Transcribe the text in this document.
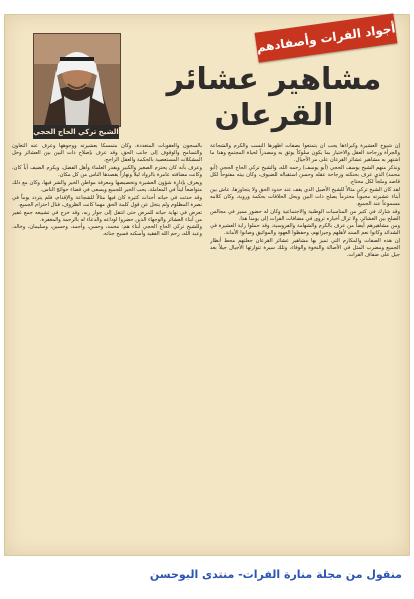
أجواد الفرات وأصفادهم
الشيخ تركي الحاج الحجي
مشاهير عشائر
القرعان

إن شيوخ العشيرة وكبراءها يجب أن يتمتعوا بصفات أظهرها النسب والكرم والشجاعة والجرأة ورجاحة العقل والاختيار بما يكون سلوكاً يوثق به ومصدراً لحياة المجتمع وهذا ما اشتهر به مشاهير عشائر القرعان على مر الأجيال.

ونذكر منهم الشيخ يوسف الحجي (أبو يوسف) رحمه الله، والشيخ تركي الحاج الحجي (أبو محمد) الذي عرف بحنكته ورجاحة عقله وحسن استقباله للضيوف، وكان بيته مفتوحاً لكل قاصد وملجأً لكل محتاج.

لقد كان الشيخ تركي مثالاً للشيخ الأصيل الذي يقف عند حدود الحق ولا يتجاوزها، عاش بين أبناء عشيرته محبوباً محترماً يصلح ذات البين ويحل الخلافات بحكمة وروية، وكان كلامه مسموعاً عند الجميع.

وقد شارك في كثير من المناسبات الوطنية والاجتماعية وكان له حضور مميز في مجالس الصلح بين العشائر، ولا تزال أخباره تروى في مضافات الفرات إلى يومنا هذا.

ومن مشاهيرهم أيضاً من عرف بالكرم والشهامة والفروسية، وقد حملوا راية العشيرة في الشدائد وكانوا نعم السند لأهلهم وجيرانهم، وحفظوا العهود والمواثيق وصانوا الأمانة.

إن هذه الصفات والمكارم التي تميز بها مشاهير عشائر القرعان جعلتهم محط أنظار الجميع ومضرب المثل في الأصالة والنخوة والوفاء، وتلك سيرة تتوارثها الأجيال جيلاً بعد جيل على ضفاف الفرات.

بالسجون والعقوبات المتعددة، وكان متمسكاً بعشيرته ووجوهها وعرف عنه التعاون والتسامح والوقوف إلى جانب الحق، وقد عرف بإصلاح ذات البين بين العشائر وحل المشكلات المستعصية بالحكمة والعقل الراجح.

وعرف بأنه كان يحترم الصغير والكبير ويقدر العلماء وأهل الفضل، ويكرم الضيف أياً كان، وكانت مضافته عامرة بالرواد ليلاً ونهاراً يقصدها الناس من كل مكان.

ويعرف بإدارة شؤون العشيرة وتخصيصها ومعرفة مواطن الخير والشر فيها، وكان مع ذلك متواضعاً ليناً في المعاملة، يحب الخير للجميع ويسعى في قضاء حوائج الناس.

وقد حدثت في حياته أحداث كثيرة كان فيها مثالاً للشجاعة والإقدام، فلم يتردد يوماً في نصرة المظلوم ولم يتخل عن قول كلمة الحق مهما كانت الظروف، فنال احترام الجميع.

تعرض في نهاية حياته للمرض حتى انتقل إلى جوار ربه، وقد خرج في تشييعه جمع غفير من أبناء العشائر والوجهاء الذين حضروا لوداعه والدعاء له بالرحمة والمغفرة.

وللشيخ تركي الحاج الحجي أبناء هم: محمد، وحسن، وأحمد، وحسين، وسليمان، وخالد، وعبد الله، رحم الله الفقيد وأسكنه فسيح جناته.

منقول من مجلة منارة الفرات- منتدى البوحسن
